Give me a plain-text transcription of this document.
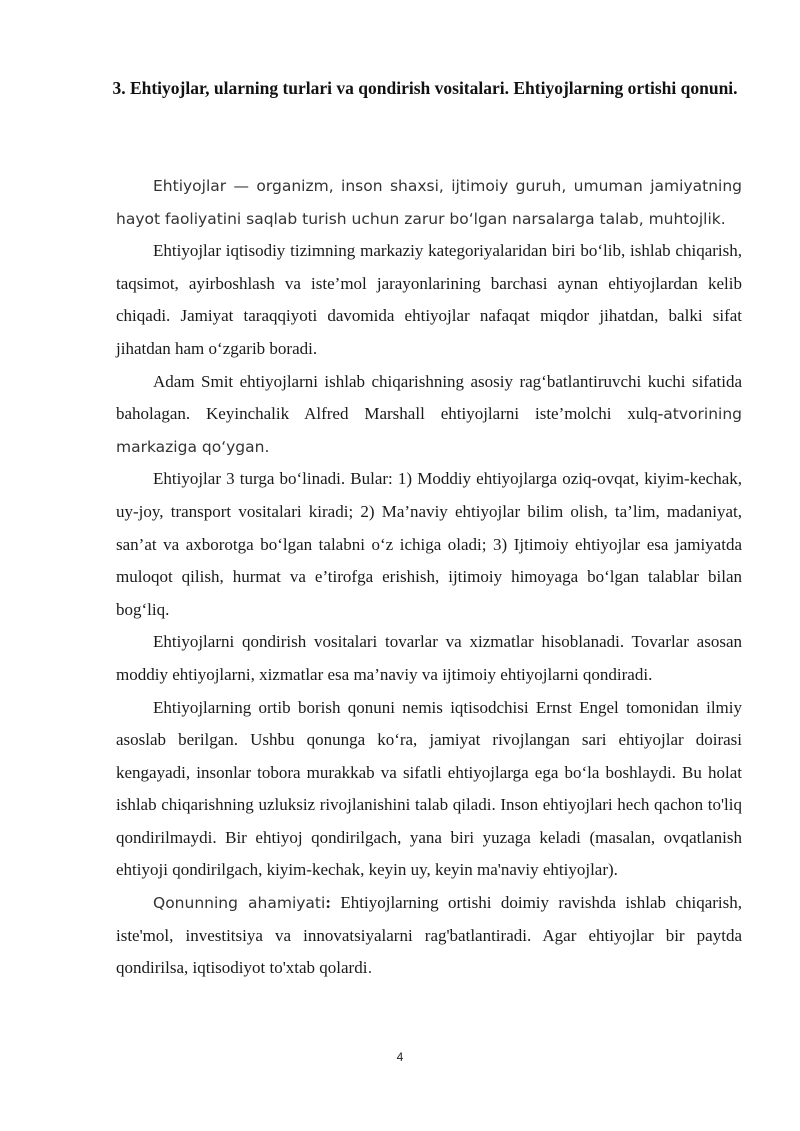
3. Ehtiyojlar, ularning turlari va qondirish vositalari. Ehtiyojlarning ortishi qonuni.

Ehtiyojlar — organizm, inson shaxsi, ijtimoiy guruh, umuman jamiyatning hayot faoliyatini saqlab turish uchun zarur bo‘lgan narsalarga talab, muhtojlik.

Ehtiyojlar iqtisodiy tizimning markaziy kategoriyalaridan biri bo‘lib, ishlab chiqarish, taqsimot, ayirboshlash va iste’mol jarayonlarining barchasi aynan ehtiyojlardan kelib chiqadi. Jamiyat taraqqiyoti davomida ehtiyojlar nafaqat miqdor jihatdan, balki sifat jihatdan ham o‘zgarib boradi.

Adam Smit ehtiyojlarni ishlab chiqarishning asosiy rag‘batlantiruvchi kuchi sifatida baholagan. Keyinchalik Alfred Marshall ehtiyojlarni iste’molchi xulq-atvorining markaziga qo‘ygan.

Ehtiyojlar 3 turga bo‘linadi. Bular: 1) Moddiy ehtiyojlarga oziq-ovqat, kiyim-kechak, uy-joy, transport vositalari kiradi; 2) Ma’naviy ehtiyojlar bilim olish, ta’lim, madaniyat, san’at va axborotga bo‘lgan talabni o‘z ichiga oladi; 3) Ijtimoiy ehtiyojlar esa jamiyatda muloqot qilish, hurmat va e’tirofga erishish, ijtimoiy himoyaga bo‘lgan talablar bilan bog‘liq.

Ehtiyojlarni qondirish vositalari tovarlar va xizmatlar hisoblanadi. Tovarlar asosan moddiy ehtiyojlarni, xizmatlar esa ma’naviy va ijtimoiy ehtiyojlarni qondiradi.

Ehtiyojlarning ortib borish qonuni nemis iqtisodchisi Ernst Engel tomonidan ilmiy asoslab berilgan. Ushbu qonunga ko‘ra, jamiyat rivojlangan sari ehtiyojlar doirasi kengayadi, insonlar tobora murakkab va sifatli ehtiyojlarga ega bo‘la boshlaydi. Bu holat ishlab chiqarishning uzluksiz rivojlanishini talab qiladi. Inson ehtiyojlari hech qachon to'liq qondirilmaydi. Bir ehtiyoj qondirilgach, yana biri yuzaga keladi (masalan, ovqatlanish ehtiyoji qondirilgach, kiyim-kechak, keyin uy, keyin ma'naviy ehtiyojlar).

Qonunning ahamiyati: Ehtiyojlarning ortishi doimiy ravishda ishlab chiqarish, iste'mol, investitsiya va innovatsiyalarni rag'batlantiradi. Agar ehtiyojlar bir paytda qondirilsa, iqtisodiyot to'xtab qolardi.

4
